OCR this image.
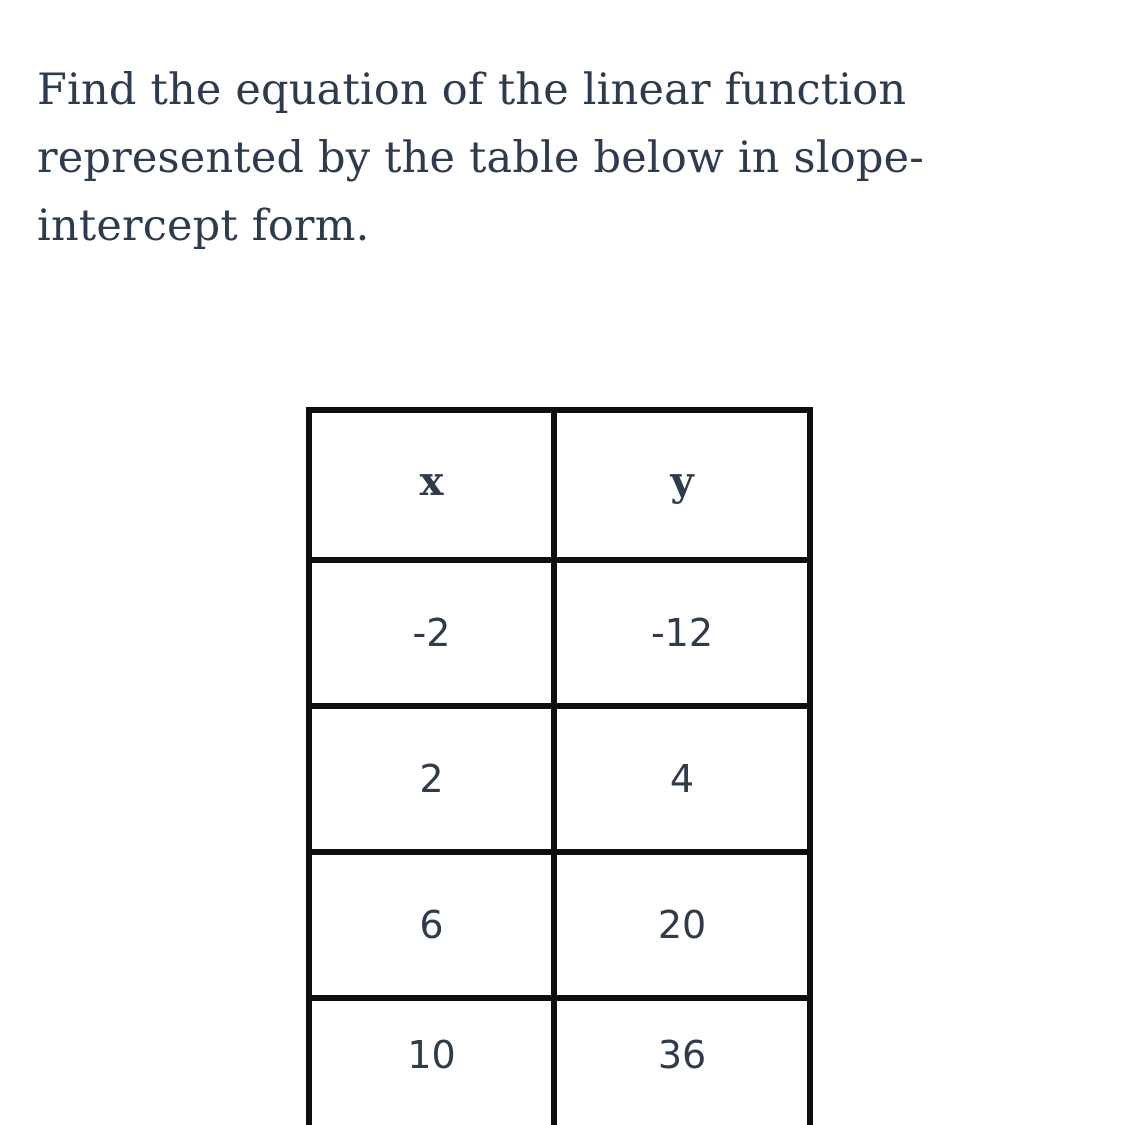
Find the equation of the linear function represented by the table below in slope-intercept form.

x	y
-2	-12
2	4
6	20
10	36
